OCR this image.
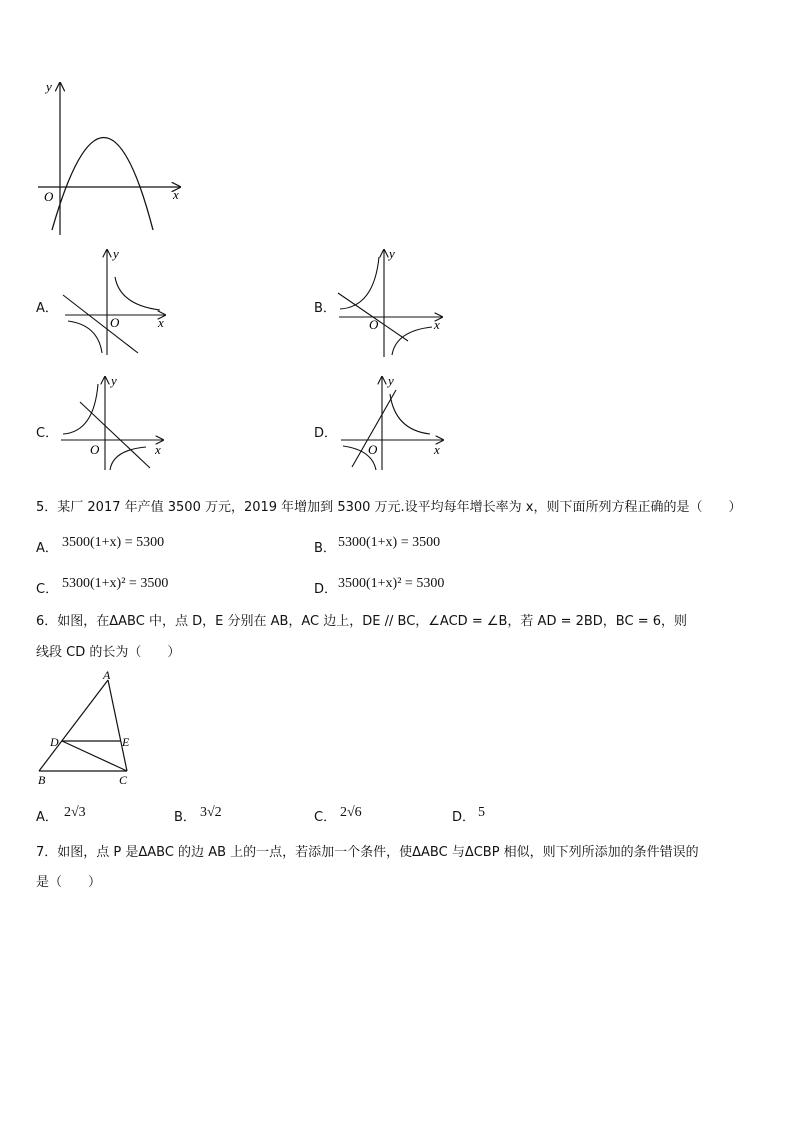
y
x
O
A．
y
x
O
B．
y
x
O
C．
y
x
O
D．
y
x
O
5．某厂 2017 年产值 3500 万元，2019 年增加到 5300 万元.设平均每年增长率为 x，则下面所列方程正确的是（　　）
A． 3500(1+x) = 5300	B． 5300(1+x) = 3500
C． 5300(1+x)² = 3500	D． 3500(1+x)² = 5300
6．如图，在ΔABC 中，点 D，E 分别在 AB，AC 边上，DE // BC，∠ACD = ∠B，若 AD = 2BD，BC = 6，则
线段 CD 的长为（　　）
A
B	C
D	E
A． 2√3	B． 3√2	C． 2√6	D． 5
7．如图，点 P 是ΔABC 的边 AB 上的一点，若添加一个条件，使ΔABC 与ΔCBP 相似，则下列所添加的条件错误的
是（　　）
